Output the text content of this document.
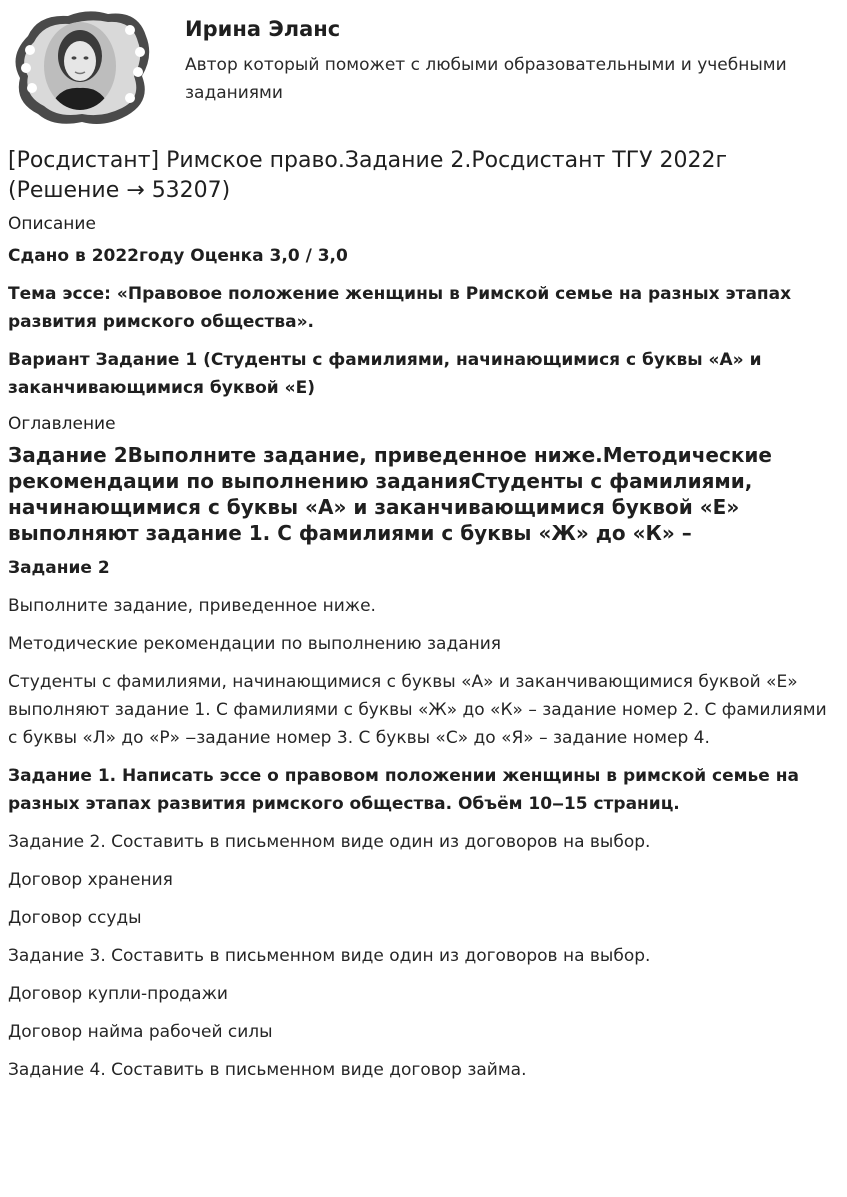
Ирина Эланс

Автор который поможет с любыми образовательными и учебными заданиями

[Росдистант] Римское право.Задание 2.Росдистант ТГУ 2022г (Решение → 53207)
Описание

Сдано в 2022году Оценка 3,0 / 3,0

Тема эссе: «Правовое положение женщины в Римской семье на разных этапах развития римского общества».

Вариант Задание 1 (Студенты с фамилиями, начинающимися с буквы «А» и заканчивающимися буквой «Е)

Оглавление
Задание 2Выполните задание, приведенное ниже.Методические рекомендации по выполнению заданияСтуденты с фамилиями, начинающимися с буквы «А» и заканчивающимися буквой «Е» выполняют задание 1. С фамилиями с буквы «Ж» до «К» –

Задание 2

Выполните задание, приведенное ниже.

Методические рекомендации по выполнению задания

Студенты с фамилиями, начинающимися с буквы «А» и заканчивающимися буквой «Е» выполняют задание 1. С фамилиями с буквы «Ж» до «К» – задание номер 2. С фамилиями с буквы «Л» до «Р» ‒задание номер 3. С буквы «С» до «Я» – задание номер 4.

Задание 1. Написать эссе о правовом положении женщины в римской семье на разных этапах развития римского общества. Объём 10‒15 страниц.

Задание 2. Составить в письменном виде один из договоров на выбор.

Договор хранения

Договор ссуды

Задание 3. Составить в письменном виде один из договоров на выбор.

Договор купли-продажи

Договор найма рабочей силы

Задание 4. Составить в письменном виде договор займа.
